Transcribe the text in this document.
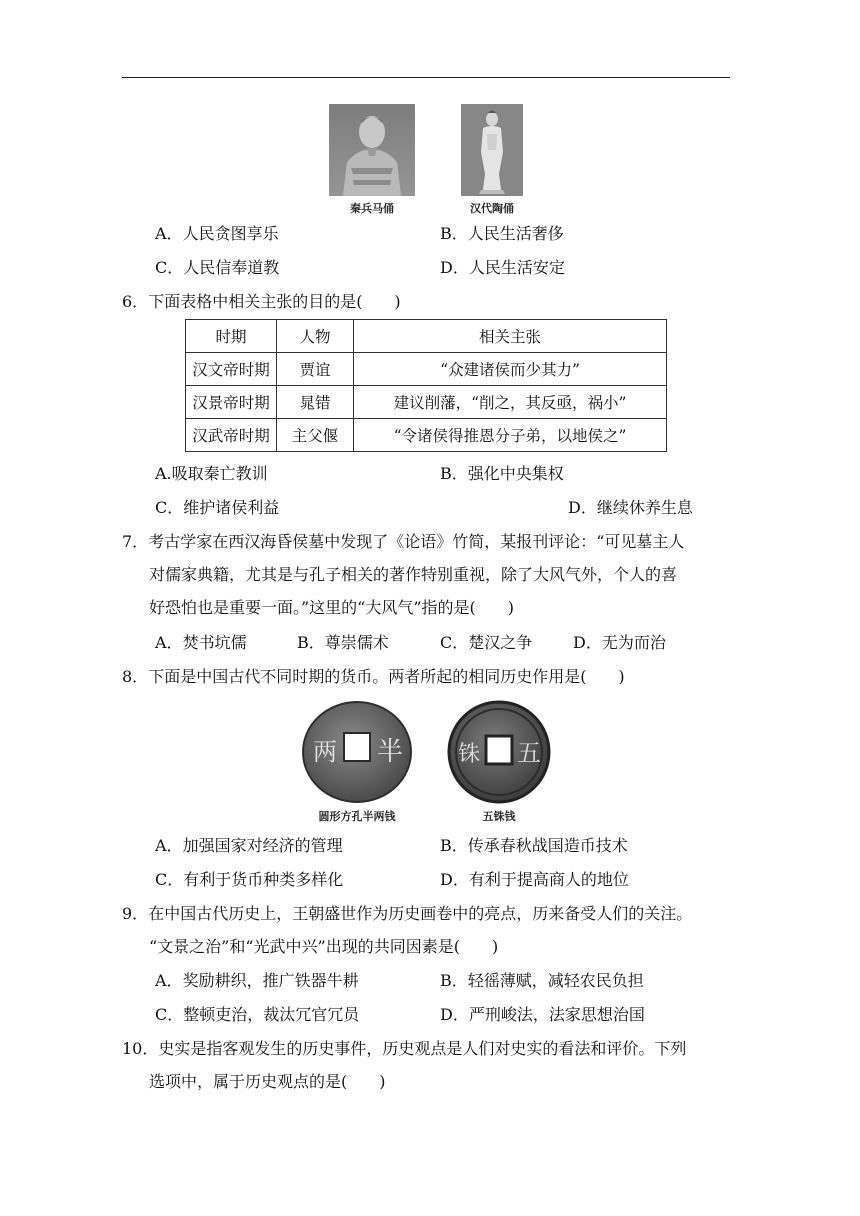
秦兵马俑	汉代陶俑
A．人民贪图享乐	B．人民生活奢侈
C．人民信奉道教	D．人民生活安定
6．下面表格中相关主张的目的是(　　)
时期	人物	相关主张
汉文帝时期	贾谊	“众建诸侯而少其力”
汉景帝时期	晁错	建议削藩，“削之，其反亟，祸小”
汉武帝时期	主父偃	“令诸侯得推恩分子弟，以地侯之”
A.吸取秦亡教训	B．强化中央集权
C．维护诸侯利益	D．继续休养生息
7．考古学家在西汉海昏侯墓中发现了《论语》竹简，某报刊评论：“可见墓主人
对儒家典籍，尤其是与孔子相关的著作特别重视，除了大风气外，个人的喜
好恐怕也是重要一面。”这里的“大风气”指的是(　　)
A．焚书坑儒	B．尊崇儒术	C．楚汉之争	D．无为而治
8．下面是中国古代不同时期的货币。两者所起的相同历史作用是(　　)
两 半
圆形方孔半两钱
铢 五
五铢钱
A．加强国家对经济的管理	B．传承春秋战国造币技术
C．有利于货币种类多样化	D．有利于提高商人的地位
9．在中国古代历史上，王朝盛世作为历史画卷中的亮点，历来备受人们的关注。
“文景之治”和“光武中兴”出现的共同因素是(　　)
A．奖励耕织，推广铁器牛耕	B．轻徭薄赋，减轻农民负担
C．整顿吏治，裁汰冗官冗员	D．严刑峻法，法家思想治国
10．史实是指客观发生的历史事件，历史观点是人们对史实的看法和评价。下列
选项中，属于历史观点的是(　　)
